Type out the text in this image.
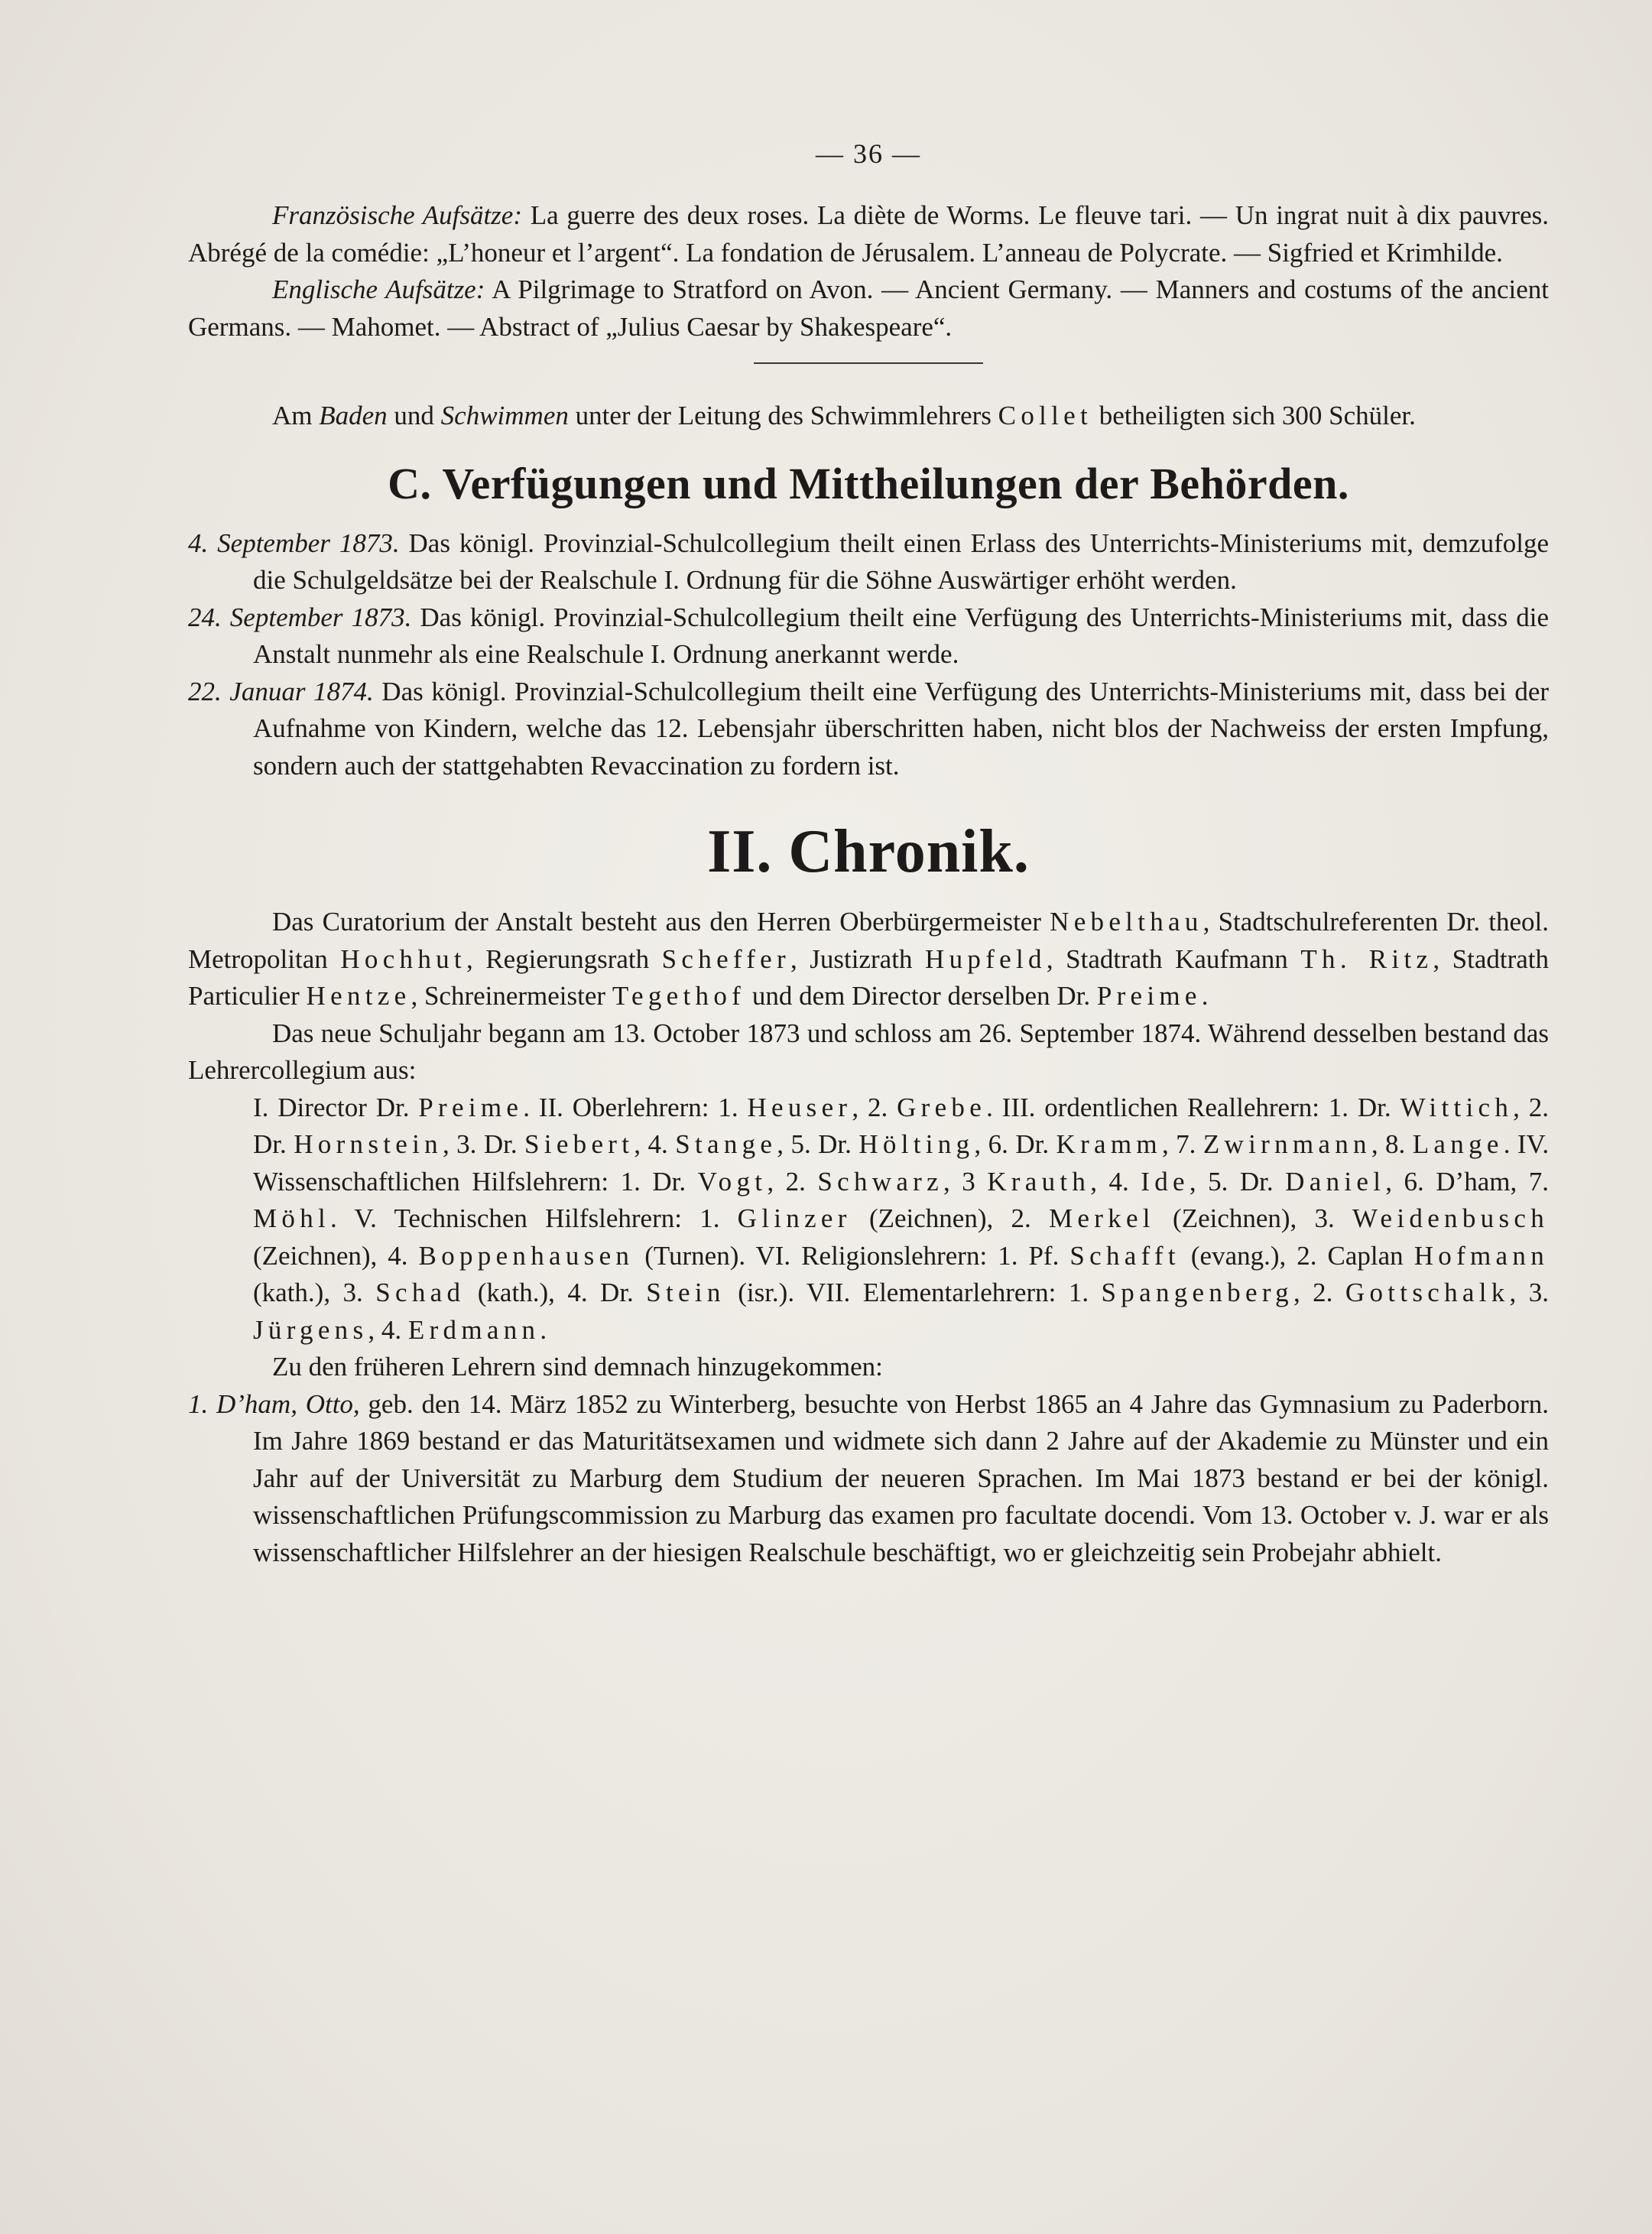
— 36 —

Französische Aufsätze: La guerre des deux roses. La diète de Worms. Le fleuve tari. — Un ingrat nuit à dix pauvres. Abrégé de la comédie: „L’honeur et l’argent“. La fondation de Jérusalem. L’anneau de Polycrate. — Sigfried et Krimhilde.

Englische Aufsätze: A Pilgrimage to Stratford on Avon. — Ancient Germany. — Manners and costums of the ancient Germans. — Mahomet. — Abstract of „Julius Caesar by Shakespeare“.

Am Baden und Schwimmen unter der Leitung des Schwimmlehrers Collet betheiligten sich 300 Schüler.

C. Verfügungen und Mittheilungen der Behörden.

4. September 1873. Das königl. Provinzial-Schulcollegium theilt einen Erlass des Unterrichts-Ministeriums mit, demzufolge die Schulgeldsätze bei der Realschule I. Ordnung für die Söhne Auswärtiger erhöht werden.

24. September 1873. Das königl. Provinzial-Schulcollegium theilt eine Verfügung des Unterrichts-Ministeriums mit, dass die Anstalt nunmehr als eine Realschule I. Ordnung anerkannt werde.

22. Januar 1874. Das königl. Provinzial-Schulcollegium theilt eine Verfügung des Unterrichts-Ministeriums mit, dass bei der Aufnahme von Kindern, welche das 12. Lebensjahr überschritten haben, nicht blos der Nachweiss der ersten Impfung, sondern auch der stattgehabten Revaccination zu fordern ist.

II. Chronik.

Das Curatorium der Anstalt besteht aus den Herren Oberbürgermeister Nebelthau, Stadtschulreferenten Dr. theol. Metropolitan Hochhut, Regierungsrath Scheffer, Justizrath Hupfeld, Stadtrath Kaufmann Th. Ritz, Stadtrath Particulier Hentze, Schreinermeister Tegethof und dem Director derselben Dr. Preime.

Das neue Schuljahr begann am 13. October 1873 und schloss am 26. September 1874. Während desselben bestand das Lehrercollegium aus:

I. Director Dr. Preime. II. Oberlehrern: 1. Heuser, 2. Grebe. III. ordentlichen Reallehrern: 1. Dr. Wittich, 2. Dr. Hornstein, 3. Dr. Siebert, 4. Stange, 5. Dr. Hölting, 6. Dr. Kramm, 7. Zwirnmann, 8. Lange. IV. Wissenschaftlichen Hilfslehrern: 1. Dr. Vogt, 2. Schwarz, 3 Krauth, 4. Ide, 5. Dr. Daniel, 6. D’ham, 7. Möhl. V. Technischen Hilfslehrern: 1. Glinzer (Zeichnen), 2. Merkel (Zeichnen), 3. Weidenbusch (Zeichnen), 4. Boppenhausen (Turnen). VI. Religionslehrern: 1. Pf. Schafft (evang.), 2. Caplan Hofmann (kath.), 3. Schad (kath.), 4. Dr. Stein (isr.). VII. Elementarlehrern: 1. Spangenberg, 2. Gottschalk, 3. Jürgens, 4. Erdmann.

Zu den früheren Lehrern sind demnach hinzugekommen:

1. D’ham, Otto, geb. den 14. März 1852 zu Winterberg, besuchte von Herbst 1865 an 4 Jahre das Gymnasium zu Paderborn. Im Jahre 1869 bestand er das Maturitätsexamen und widmete sich dann 2 Jahre auf der Akademie zu Münster und ein Jahr auf der Universität zu Marburg dem Studium der neueren Sprachen. Im Mai 1873 bestand er bei der königl. wissenschaftlichen Prüfungscommission zu Marburg das examen pro facultate docendi. Vom 13. October v. J. war er als wissenschaftlicher Hilfslehrer an der hiesigen Realschule beschäftigt, wo er gleichzeitig sein Probejahr abhielt.
